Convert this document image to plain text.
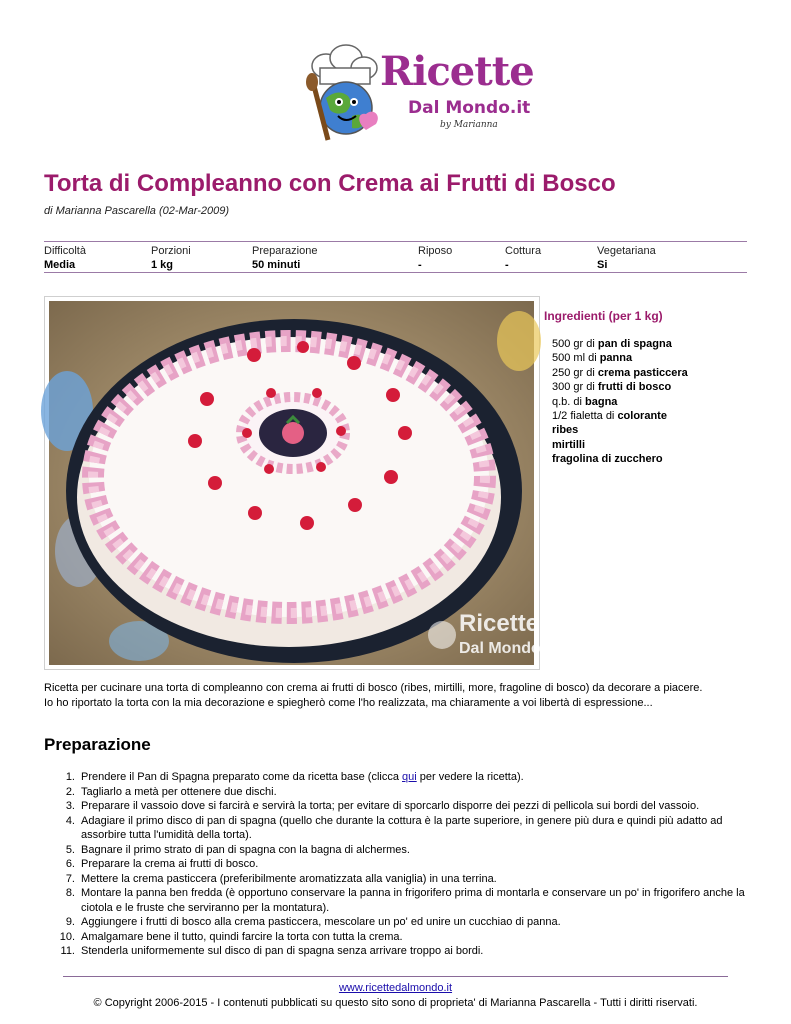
Ricette
Dal Mondo.it
by Marianna
Torta di Compleanno con Crema ai Frutti di Bosco
di Marianna Pascarella (02-Mar-2009)
Difficoltà	Porzioni	Preparazione	Riposo	Cottura	Vegetariana
Media	1 kg	50 minuti	-	-	Si
Ricette
Dal Mondo.it
Ingredienti (per 1 kg)
500 gr di pan di spagna
500 ml di panna
250 gr di crema pasticcera
300 gr di frutti di bosco
q.b. di bagna
1/2 fialetta di colorante
ribes
mirtilli
fragolina di zucchero
Ricetta per cucinare una torta di compleanno con crema ai frutti di bosco (ribes, mirtilli, more, fragoline di bosco) da decorare a piacere.
Io ho riportato la torta con la mia decorazione e spiegherò come l'ho realizzata, ma chiaramente a voi libertà di espressione...
Preparazione
1. Prendere il Pan di Spagna preparato come da ricetta base (clicca qui per vedere la ricetta).
2. Tagliarlo a metà per ottenere due dischi.
3. Preparare il vassoio dove si farcirà e servirà la torta; per evitare di sporcarlo disporre dei pezzi di pellicola sui bordi del vassoio.
4. Adagiare il primo disco di pan di spagna (quello che durante la cottura è la parte superiore, in genere più dura e quindi più adatto ad assorbire tutta l'umidità della torta).
5. Bagnare il primo strato di pan di spagna con la bagna di alchermes.
6. Preparare la crema ai frutti di bosco.
7. Mettere la crema pasticcera (preferibilmente aromatizzata alla vaniglia) in una terrina.
8. Montare la panna ben fredda (è opportuno conservare la panna in frigorifero prima di montarla e conservare un po' in frigorifero anche la ciotola e le fruste che serviranno per la montatura).
9. Aggiungere i frutti di bosco alla crema pasticcera, mescolare un po' ed unire un cucchiao di panna.
10. Amalgamare bene il tutto, quindi farcire la torta con tutta la crema.
11. Stenderla uniformemente sul disco di pan di spagna senza arrivare troppo ai bordi.
www.ricettedalmondo.it
© Copyright 2006-2015 - I contenuti pubblicati su questo sito sono di proprieta' di Marianna Pascarella - Tutti i diritti riservati.
